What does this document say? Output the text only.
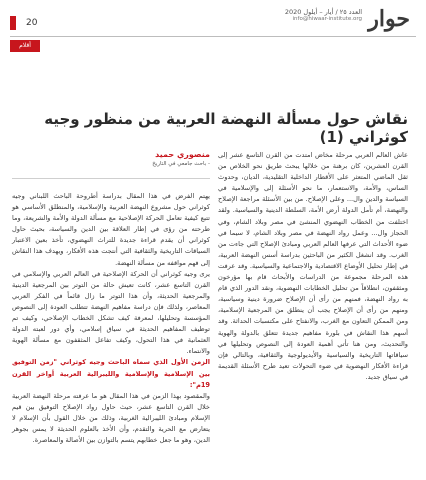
حوار
العدد ٢٥ / أيار – أيلول 2020
info@hiwaar-institute.org
20
أقلام
نقاش حول مسألة النهضة العربية من منظور وجيه كوثراني (1)

عاش العالم العربي مرحلة مخاض امتدت من القرن التاسع عشر إلى القرن العشرين، كان برهنة من خلالها يبحث طريق نحو الخلاص من ثقل الماضي المتعثر على الأقطار الداخلية التقليدية، الديان، وحدوث الساس، والأمة، والاستعمار، ما نحو الأسئلة إلى والإسلامية في السياسة والدين وال... وعلى الإصلاح. من بين الأسئلة مراجعة الإصلاح والنهضة، أم تأمل الدولة أرض الأمة، السلطة الدينية والسياسية. ولقد اختلفت من الخطاب النهضوي المنشئ في مصر وبلاد الشام، وفي الحجاز وال... وعمل رواد النهضة في مصر وبلاد الشام، لا سيما في ضوء الأحداث التي عرفها العالم العربي ومبادئ الإصلاح التي جاءت من الغرب. وقد انشغل الكثير من الباحثين بدراسة أسس النهضة العربية، في إطار تحليل الأوضاع الاقتصادية والاجتماعية والسياسية. وقد عرفت هذه المرحلة مجموعة من الدراسات والأبحاث قام بها مؤرخون ومثقفون، انطلاقاً من تحليل الخطابات النهضوية، ونقد الدور الذي قام به رواد النهضة، فمنهم من رأى أن الإصلاح ضرورة دينية وسياسية، ومنهم من رأى أن الإصلاح يجب أن ينطلق من المرجعية الإسلامية، ومن الممكن التعاون مع الغرب، والانفتاح على مكتسبات الحداثة. وقد أسهم هذا النقاش في بلورة مفاهيم جديدة تتعلق بالدولة والهوية والتحديث، ومن هنا تأتي أهمية العودة إلى النصوص وتحليلها في سياقاتها التاريخية والسياسية والأيديولوجية والثقافية، وبالتالي فإن قراءة الأفكار النهضوية في ضوء التحولات تعيد طرح الأسئلة القديمة في سياق جديد.

منصوري حميد
- باحث جامعي في التاريخ

يهتم الفرض في هذا المقال بدراسة أطروحة الباحث اللبناني وجيه كوثراني حول مشروع النهضة العربية والإسلامية، والمنطلق الأساسي هو تتبع كيفية تعامل الحركة الإصلاحية مع مسألة الدولة والأمة والشريعة، وما طرحته من رؤى في إطار العلاقة بين الدين والسياسة، بحيث حاول كوثراني أن يقدم قراءة جديدة للتراث النهضوي، تأخذ بعين الاعتبار السياقات التاريخية والثقافية التي أنتجت هذه الأفكار، ويهدف هذا النقاش إلى فهم مواقفه من مسألة النهضة.

يرى وجيه كوثراني أن الحركة الإصلاحية في العالم العربي والإسلامي في القرن التاسع عشر، كانت تعيش حالة من التوتر بين المرجعية الدينية والمرجعية الحديثة، وأن هذا التوتر ما زال قائماً في الفكر العربي المعاصر، ولذلك فإن دراسة مفاهيم النهضة تتطلب العودة إلى النصوص المؤسسة وتحليلها، لمعرفة كيف تشكل الخطاب الإصلاحي، وكيف تم توظيف المفاهيم الحديثة في سياق إسلامي، وأي دور لعبته الدولة العثمانية في هذا التحول، وكيف تفاعل المثقفون مع مسألة الهوية والانتماء.

الزمن الأول الذي سماه الباحث وجيه كوثراني "زمن التوفيق بين الإسلامية والإسلامية والليبرالية العربية أواخر القرن 19م":

والمقصود بهذا الزمن في هذا المقال هو ما عرفته مرحلة النهضة العربية خلال القرن التاسع عشر، حيث حاول رواد الإصلاح التوفيق بين قيم الإسلام ومبادئ الليبرالية الغربية، وذلك من خلال القول بأن الإسلام لا يتعارض مع الحرية والتقدم، وأن الأخذ بالعلوم الحديثة لا يمس بجوهر الدين، وهو ما جعل خطابهم يتسم بالتوازن بين الأصالة والمعاصرة.
